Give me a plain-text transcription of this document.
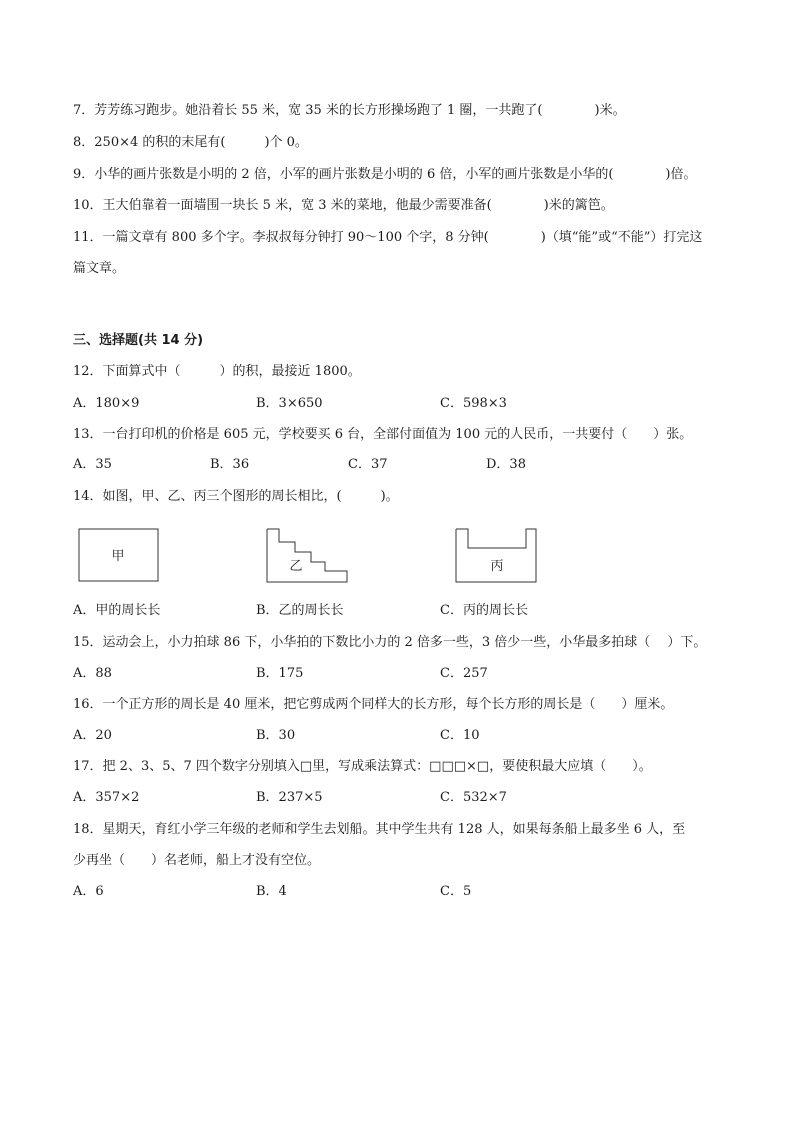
7．芳芳练习跑步。她沿着长 55 米，宽 35 米的长方形操场跑了 1 圈，一共跑了(　　　　)米。
8．250×4 的积的末尾有(　　　)个 0。
9．小华的画片张数是小明的 2 倍，小军的画片张数是小明的 6 倍，小军的画片张数是小华的(　　　　)倍。
10．王大伯靠着一面墙围一块长 5 米，宽 3 米的菜地，他最少需要准备(　　　　)米的篱笆。
11．一篇文章有 800 多个字。李叔叔每分钟打 90～100 个字，8 分钟(　　　　)（填“能”或“不能”）打完这
篇文章。
三、选择题(共 14 分)
12．下面算式中（　　　）的积，最接近 1800。
A．180×9	B．3×650	C．598×3
13．一台打印机的价格是 605 元，学校要买 6 台，全部付面值为 100 元的人民币，一共要付（　　）张。
A．35	B．36	C．37	D．38
14．如图，甲、乙、丙三个图形的周长相比，(　　　)。
甲
乙	丙
A．甲的周长长	B．乙的周长长	C．丙的周长长
15．运动会上，小力拍球 86 下，小华拍的下数比小力的 2 倍多一些，3 倍少一些，小华最多拍球（　 ）下。
A．88	B．175	C．257
16．一个正方形的周长是 40 厘米，把它剪成两个同样大的长方形，每个长方形的周长是（　　）厘米。
A．20	B．30	C．10
17．把 2、3、5、7 四个数字分别填入□里，写成乘法算式：□□□×□，要使积最大应填（　　）。
A．357×2	B．237×5	C．532×7
18．星期天，育红小学三年级的老师和学生去划船。其中学生共有 128 人，如果每条船上最多坐 6 人，至
少再坐（　　）名老师，船上才没有空位。
A．6	B．4	C．5
